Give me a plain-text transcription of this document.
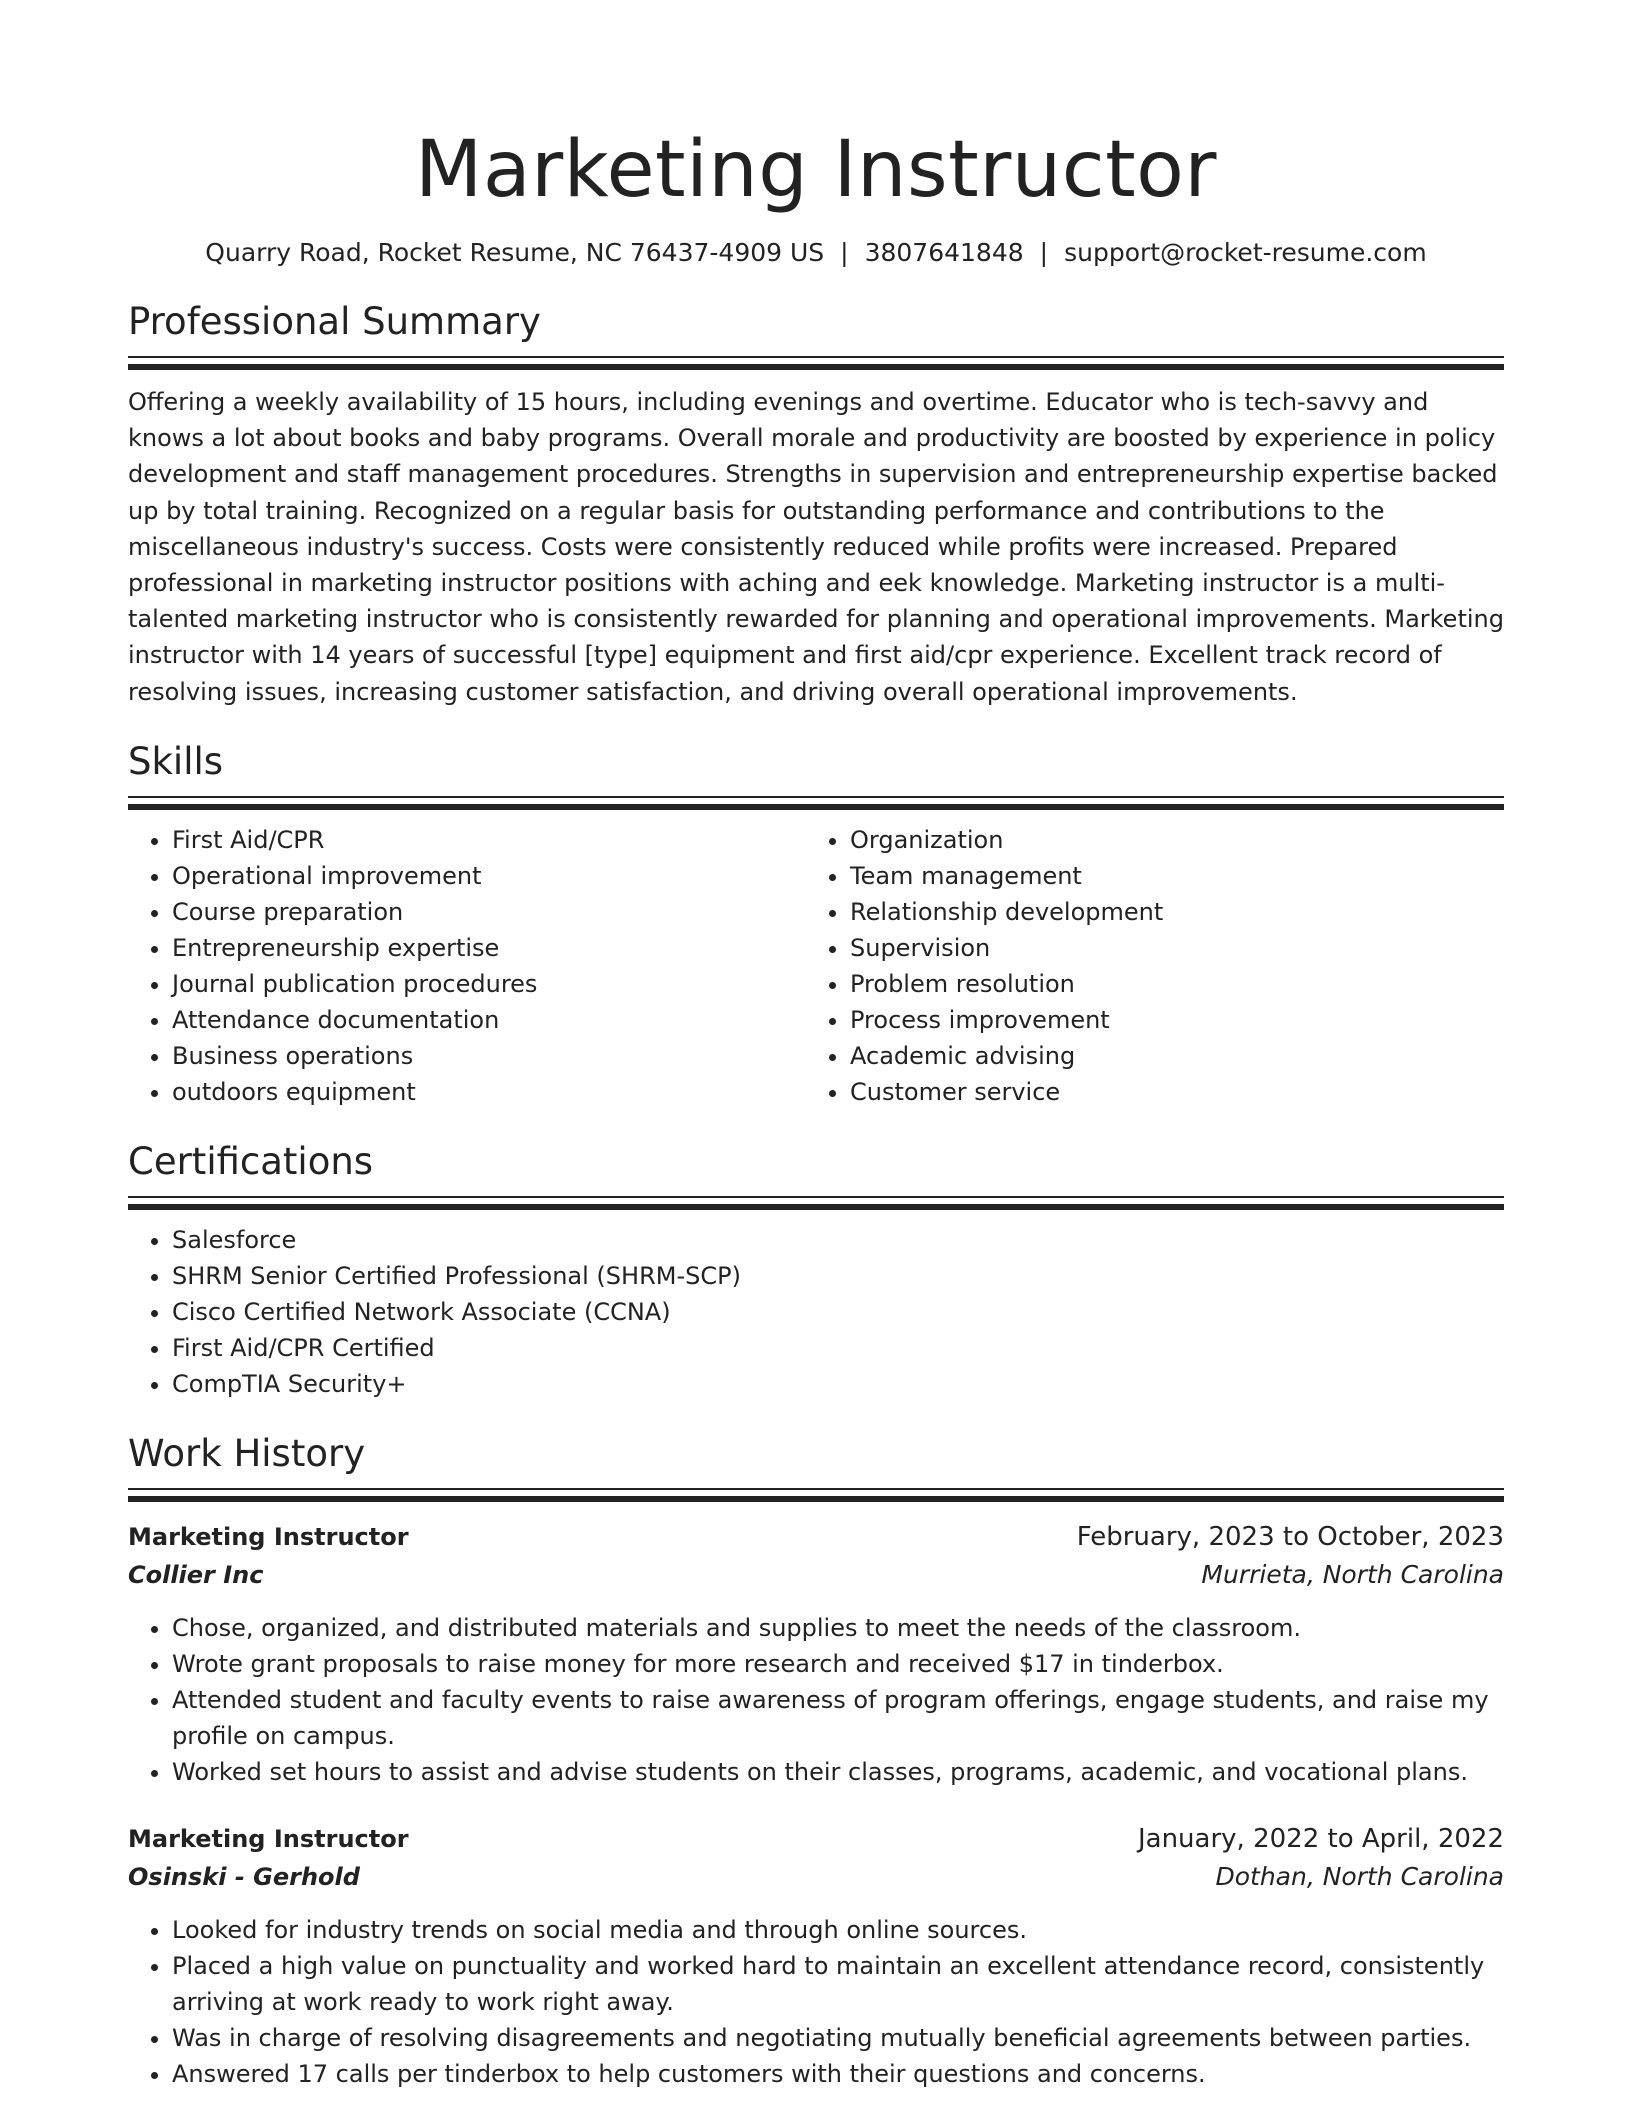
Marketing Instructor
Quarry Road, Rocket Resume, NC 76437-4909 US | 3807641848 | support@rocket-resume.com
Professional Summary

Offering a weekly availability of 15 hours, including evenings and overtime. Educator who is tech-savvy and knows a lot about books and baby programs. Overall morale and productivity are boosted by experience in policy development and staff management procedures. Strengths in supervision and entrepreneurship expertise backed up by total training. Recognized on a regular basis for outstanding performance and contributions to the miscellaneous industry's success. Costs were consistently reduced while profits were increased. Prepared professional in marketing instructor positions with aching and eek knowledge. Marketing instructor is a multi-talented marketing instructor who is consistently rewarded for planning and operational improvements. Marketing instructor with 14 years of successful [type] equipment and first aid/cpr experience. Excellent track record of resolving issues, increasing customer satisfaction, and driving overall operational improvements.

Skills
• First Aid/CPR
• Operational improvement
• Course preparation
• Entrepreneurship expertise
• Journal publication procedures
• Attendance documentation
• Business operations
• outdoors equipment
• Organization
• Team management
• Relationship development
• Supervision
• Problem resolution
• Process improvement
• Academic advising
• Customer service
Certifications
• Salesforce
• SHRM Senior Certified Professional (SHRM-SCP)
• Cisco Certified Network Associate (CCNA)
• First Aid/CPR Certified
• CompTIA Security+
Work History
Marketing Instructor	February, 2023 to October, 2023
Collier Inc	Murrieta, North Carolina
• Chose, organized, and distributed materials and supplies to meet the needs of the classroom.
• Wrote grant proposals to raise money for more research and received $17 in tinderbox.
• Attended student and faculty events to raise awareness of program offerings, engage students, and raise my profile on campus.
• Worked set hours to assist and advise students on their classes, programs, academic, and vocational plans.
Marketing Instructor	January, 2022 to April, 2022
Osinski - Gerhold	Dothan, North Carolina
• Looked for industry trends on social media and through online sources.
• Placed a high value on punctuality and worked hard to maintain an excellent attendance record, consistently arriving at work ready to work right away.
• Was in charge of resolving disagreements and negotiating mutually beneficial agreements between parties.
• Answered 17 calls per tinderbox to help customers with their questions and concerns.
